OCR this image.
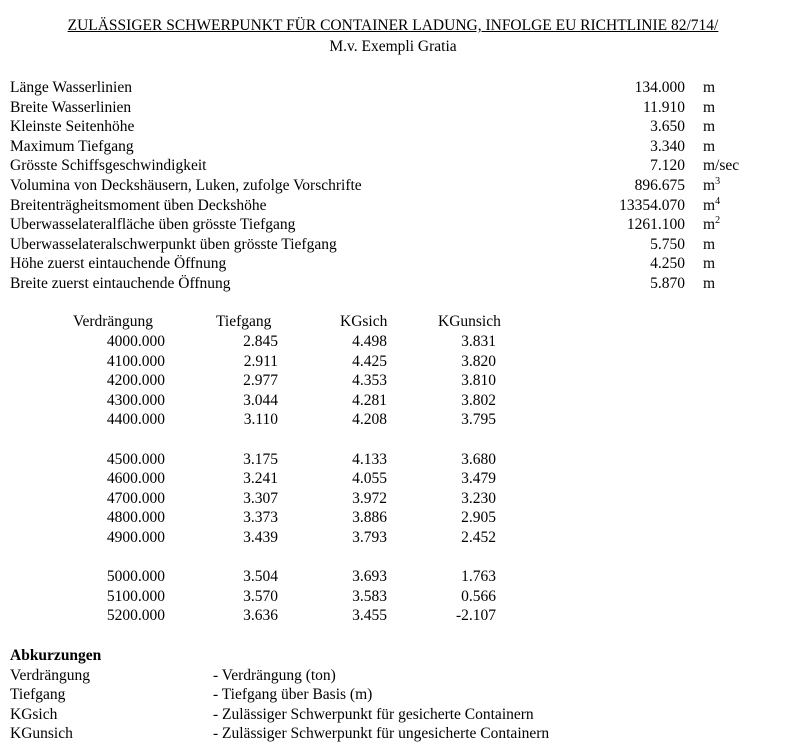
ZULÄSSIGER SCHWERPUNKT FÜR CONTAINER LADUNG, INFOLGE EU RICHTLINIE 82/714/
M.v. Exempli Gratia
Länge Wasserlinien	134.000 m
Breite Wasserlinien	11.910 m
Kleinste Seitenhöhe	3.650 m
Maximum Tiefgang	3.340 m
Grösste Schiffsgeschwindigkeit	7.120 m/sec
Volumina von Deckshäusern, Luken, zufolge Vorschrifte	896.675 $m^3$
Breitenträgheitsmoment üben Deckshöhe	13354.070 $m^4$
Uberwasselateralfläche üben grösste Tiefgang	1261.100 $m^2$
Uberwasselateralschwerpunkt üben grösste Tiefgang	5.750 m
Höhe zuerst eintauchende Öffnung	4.250 m
Breite zuerst eintauchende Öffnung	5.870 m
Verdrängung	Tiefgang	KGsich	KGunsich
4000.000	2.845	4.498	3.831
4100.000	2.911	4.425	3.820
4200.000	2.977	4.353	3.810
4300.000	3.044	4.281	3.802
4400.000	3.110	4.208	3.795
4500.000	3.175	4.133	3.680
4600.000	3.241	4.055	3.479
4700.000	3.307	3.972	3.230
4800.000	3.373	3.886	2.905
4900.000	3.439	3.793	2.452
5000.000	3.504	3.693	1.763
5100.000	3.570	3.583	0.566
5200.000	3.636	3.455	-2.107
Abkurzungen
Verdrängung	- Verdrängung (ton)
Tiefgang	- Tiefgang über Basis (m)
KGsich	- Zulässiger Schwerpunkt für gesicherte Containern
KGunsich	- Zulässiger Schwerpunkt für ungesicherte Containern
